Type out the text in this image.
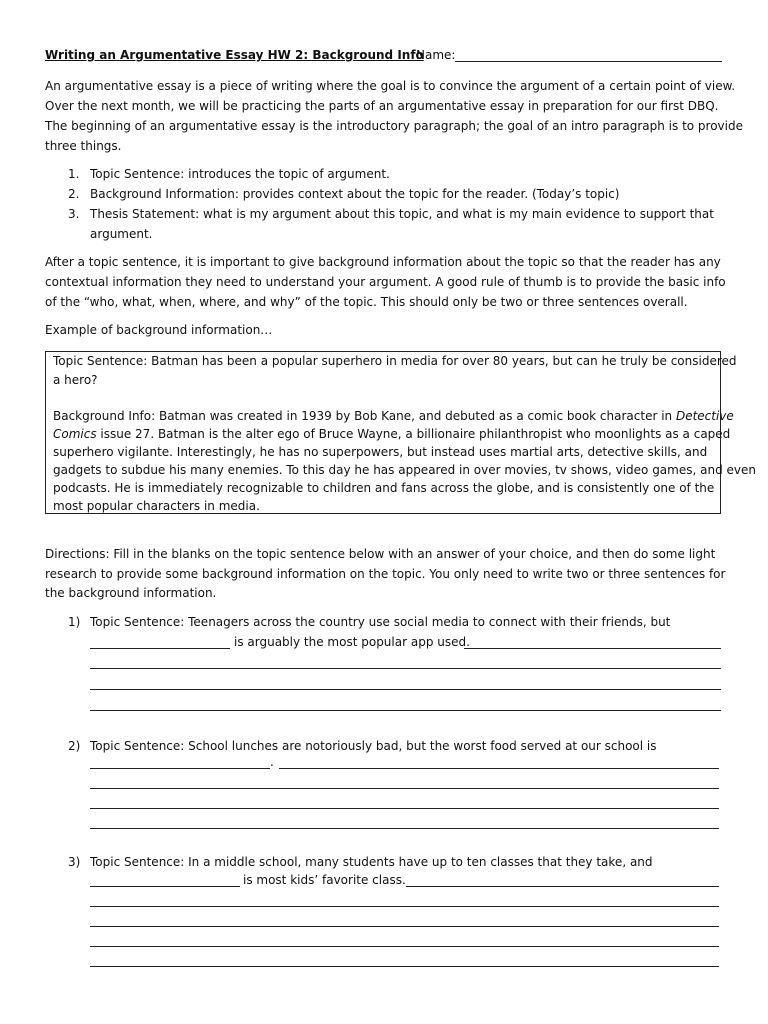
Writing an Argumentative Essay HW 2: Background Info
Name:
An argumentative essay is a piece of writing where the goal is to convince the argument of a certain point of view.
Over the next month, we will be practicing the parts of an argumentative essay in preparation for our first DBQ.
The beginning of an argumentative essay is the introductory paragraph; the goal of an intro paragraph is to provide
three things.
1. Topic Sentence: introduces the topic of argument.
2. Background Information: provides context about the topic for the reader. (Today’s topic)
3. Thesis Statement: what is my argument about this topic, and what is my main evidence to support that
argument.
After a topic sentence, it is important to give background information about the topic so that the reader has any
contextual information they need to understand your argument. A good rule of thumb is to provide the basic info
of the “who, what, when, where, and why” of the topic. This should only be two or three sentences overall.
Example of background information…
Topic Sentence: Batman has been a popular superhero in media for over 80 years, but can he truly be considered
a hero?
Background Info: Batman was created in 1939 by Bob Kane, and debuted as a comic book character in Detective
Comics issue 27. Batman is the alter ego of Bruce Wayne, a billionaire philanthropist who moonlights as a caped
superhero vigilante. Interestingly, he has no superpowers, but instead uses martial arts, detective skills, and
gadgets to subdue his many enemies. To this day he has appeared in over movies, tv shows, video games, and even
podcasts. He is immediately recognizable to children and fans across the globe, and is consistently one of the
most popular characters in media.
Directions: Fill in the blanks on the topic sentence below with an answer of your choice, and then do some light
research to provide some background information on the topic. You only need to write two or three sentences for
the background information.
1) Topic Sentence: Teenagers across the country use social media to connect with their friends, but
is arguably the most popular app used.
2) Topic Sentence: School lunches are notoriously bad, but the worst food served at our school is
.
3) Topic Sentence: In a middle school, many students have up to ten classes that they take, and
is most kids’ favorite class.
